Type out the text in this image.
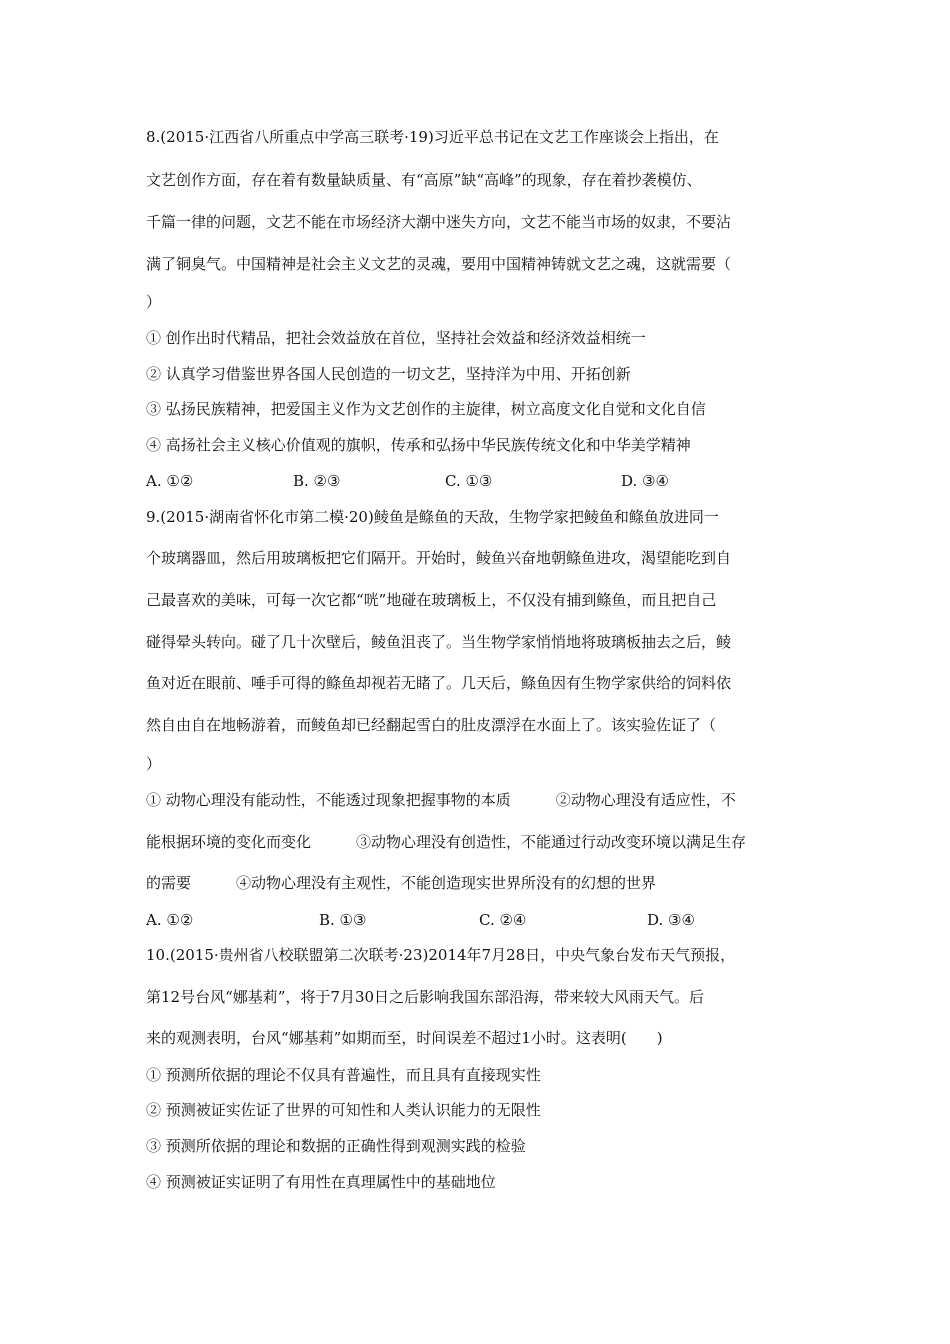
8.(2015·江西省八所重点中学高三联考·19)习近平总书记在文艺工作座谈会上指出，在
文艺创作方面，存在着有数量缺质量、有“高原”缺“高峰”的现象，存在着抄袭模仿、
千篇一律的问题，文艺不能在市场经济大潮中迷失方向，文艺不能当市场的奴隶，不要沾
满了铜臭气。中国精神是社会主义文艺的灵魂，要用中国精神铸就文艺之魂，这就需要（
）
① 创作出时代精品，把社会效益放在首位，坚持社会效益和经济效益相统一
② 认真学习借鉴世界各国人民创造的一切文艺，坚持洋为中用、开拓创新
③ 弘扬民族精神，把爱国主义作为文艺创作的主旋律，树立高度文化自觉和文化自信
④ 高扬社会主义核心价值观的旗帜，传承和弘扬中华民族传统文化和中华美学精神
A. ①②	B. ②③	C. ①③	D. ③④
9.(2015·湖南省怀化市第二模·20)鲮鱼是鲦鱼的天敌，生物学家把鲮鱼和鲦鱼放进同一
个玻璃器皿，然后用玻璃板把它们隔开。开始时，鲮鱼兴奋地朝鲦鱼进攻，渴望能吃到自
己最喜欢的美味，可每一次它都“咣”地碰在玻璃板上，不仅没有捕到鲦鱼，而且把自己
碰得晕头转向。碰了几十次壁后，鲮鱼沮丧了。当生物学家悄悄地将玻璃板抽去之后，鲮
鱼对近在眼前、唾手可得的鲦鱼却视若无睹了。几天后，鲦鱼因有生物学家供给的饲料依
然自由自在地畅游着，而鲮鱼却已经翻起雪白的肚皮漂浮在水面上了。该实验佐证了（
）
① 动物心理没有能动性，不能透过现象把握事物的本质　　　②动物心理没有适应性，不
能根据环境的变化而变化　　　③动物心理没有创造性，不能通过行动改变环境以满足生存
的需要　　　④动物心理没有主观性，不能创造现实世界所没有的幻想的世界
A. ①②	B. ①③	C. ②④	D. ③④
10.(2015·贵州省八校联盟第二次联考·23)2014年7月28日，中央气象台发布天气预报，
第12号台风“娜基莉”，将于7月30日之后影响我国东部沿海，带来较大风雨天气。后
来的观测表明，台风“娜基莉”如期而至，时间误差不超过1小时。这表明(　　)
① 预测所依据的理论不仅具有普遍性，而且具有直接现实性
② 预测被证实佐证了世界的可知性和人类认识能力的无限性
③ 预测所依据的理论和数据的正确性得到观测实践的检验
④ 预测被证实证明了有用性在真理属性中的基础地位
